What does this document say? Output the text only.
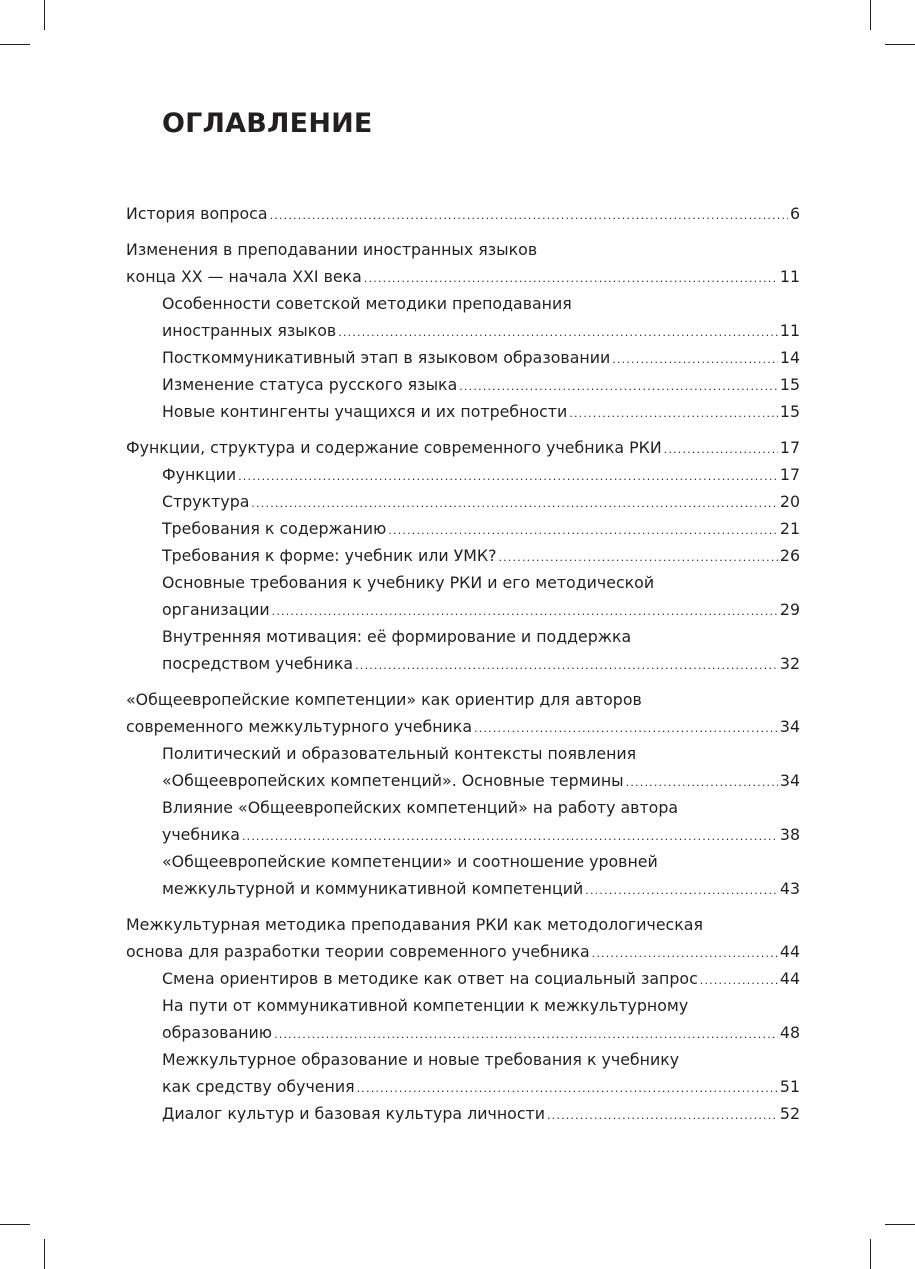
ОГЛАВЛЕНИЕ
История вопроса .....	6
Изменения в преподавании иностранных языков
конца XX — начала XXI века .....	11
Особенности советской методики преподавания
иностранных языков .....	11
Посткоммуникативный этап в языковом образовании .....	14
Изменение статуса русского языка .....	15
Новые контингенты учащихся и их потребности .....	15
Функции, структура и содержание современного учебника РКИ .....	17
Функции .....	17
Структура .....	20
Требования к содержанию .....	21
Требования к форме: учебник или УМК? .....	26
Основные требования к учебнику РКИ и его методической
организации .....	29
Внутренняя мотивация: её формирование и поддержка
посредством учебника .....	32
«Общеевропейские компетенции» как ориентир для авторов
современного межкультурного учебника .....	34
Политический и образовательный контексты появления
«Общеевропейских компетенций». Основные термины .....	34
Влияние «Общеевропейских компетенций» на работу автора
учебника .....	38
«Общеевропейские компетенции» и соотношение уровней
межкультурной и коммуникативной компетенций .....	43
Межкультурная методика преподавания РКИ как методологическая
основа для разработки теории современного учебника .....	44
Смена ориентиров в методике как ответ на социальный запрос .....	44
На пути от коммуникативной компетенции к межкультурному
образованию .....	48
Межкультурное образование и новые требования к учебнику
как средству обучения .....	51
Диалог культур и базовая культура личности .....	52
